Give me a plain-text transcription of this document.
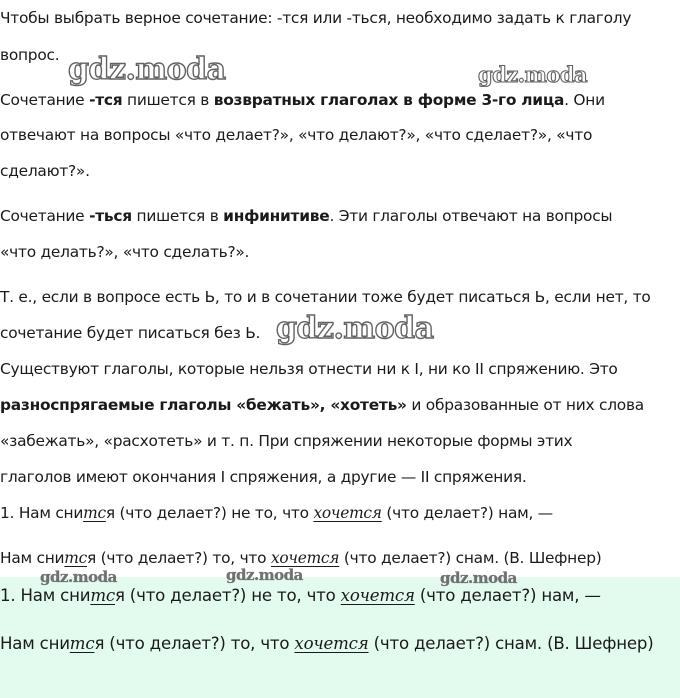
Чтобы выбрать верное сочетание: -тся или -ться, необходимо задать к глаголу
вопрос.
Сочетание -тся пишется в возвратных глаголах в форме 3-го лица. Они
отвечают на вопросы «что делает?», «что делают?», «что сделает?», «что
сделают?».
Сочетание -ться пишется в инфинитиве. Эти глаголы отвечают на вопросы
«что делать?», «что сделать?».
Т. е., если в вопросе есть Ь, то и в сочетании тоже будет писаться Ь, если нет, то
сочетание будет писаться без Ь.
Существуют глаголы, которые нельзя отнести ни к I, ни ко II спряжению. Это
разноспрягаемые глаголы «бежать», «хотеть» и образованные от них слова
«забежать», «расхотеть» и т. п. При спряжении некоторые формы этих
глаголов имеют окончания I спряжения, а другие — II спряжения.
1. Нам снится (что делает?) не то, что хочется (что делает?) нам, —
Нам снится (что делает?) то, что хочется (что делает?) снам. (В. Шефнер)
1. Нам снится (что делает?) не то, что хочется (что делает?) нам, —
Нам снится (что делает?) то, что хочется (что делает?) снам. (В. Шефнер)
gdz.moda	gdz.moda
gdz.moda
gdz.moda	gdz.moda	gdz.moda
